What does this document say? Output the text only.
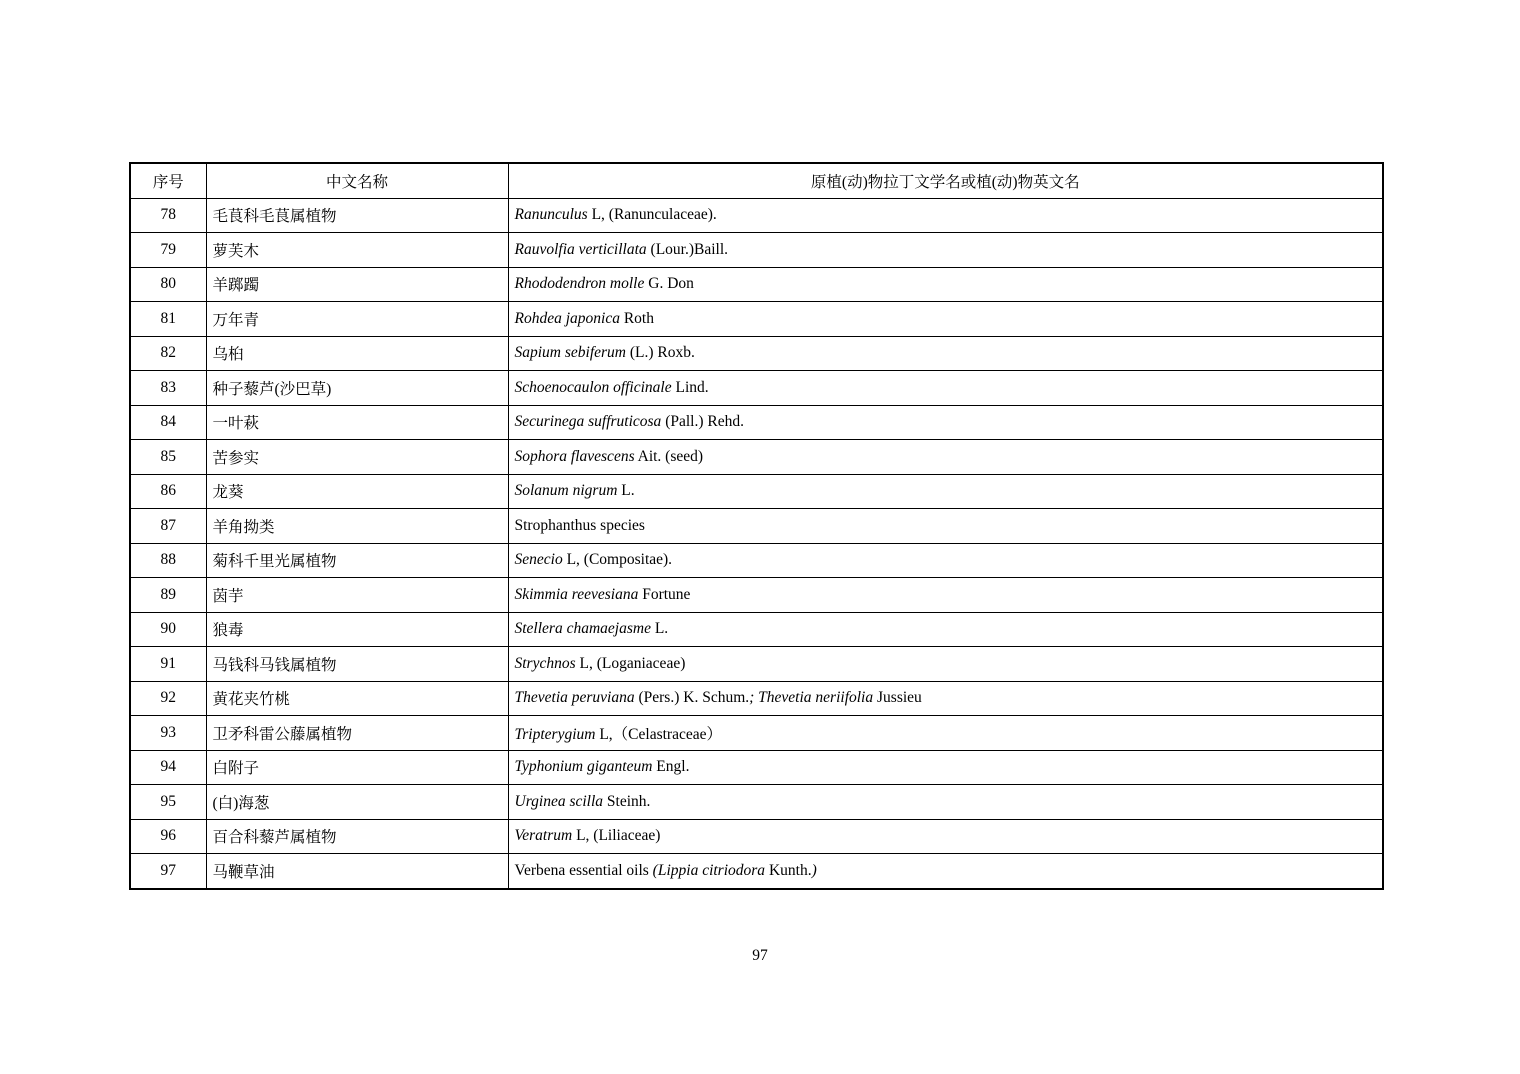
序号	中文名称	原植(动)物拉丁文学名或植(动)物英文名
78	毛茛科毛茛属植物	Ranunculus L, (Ranunculaceae).
79	萝芙木	Rauvolfia verticillata (Lour.)Baill.
80	羊踯躅	Rhododendron molle G. Don
81	万年青	Rohdea japonica Roth
82	乌桕	Sapium sebiferum (L.) Roxb.
83	种子藜芦(沙巴草)	Schoenocaulon officinale Lind.
84	一叶萩	Securinega suffruticosa (Pall.) Rehd.
85	苦参实	Sophora flavescens Ait. (seed)
86	龙葵	Solanum nigrum L.
87	羊角拗类	Strophanthus species
88	菊科千里光属植物	Senecio L, (Compositae).
89	茵芋	Skimmia reevesiana Fortune
90	狼毒	Stellera chamaejasme L.
91	马钱科马钱属植物	Strychnos L, (Loganiaceae)
92	黄花夹竹桃	Thevetia peruviana (Pers.) K. Schum.; Thevetia neriifolia Jussieu
93	卫矛科雷公藤属植物	Tripterygium L,（Celastraceae）
94	白附子	Typhonium giganteum Engl.
95	(白)海葱	Urginea scilla Steinh.
96	百合科藜芦属植物	Veratrum L, (Liliaceae)
97	马鞭草油	Verbena essential oils (Lippia citriodora Kunth.)
97
